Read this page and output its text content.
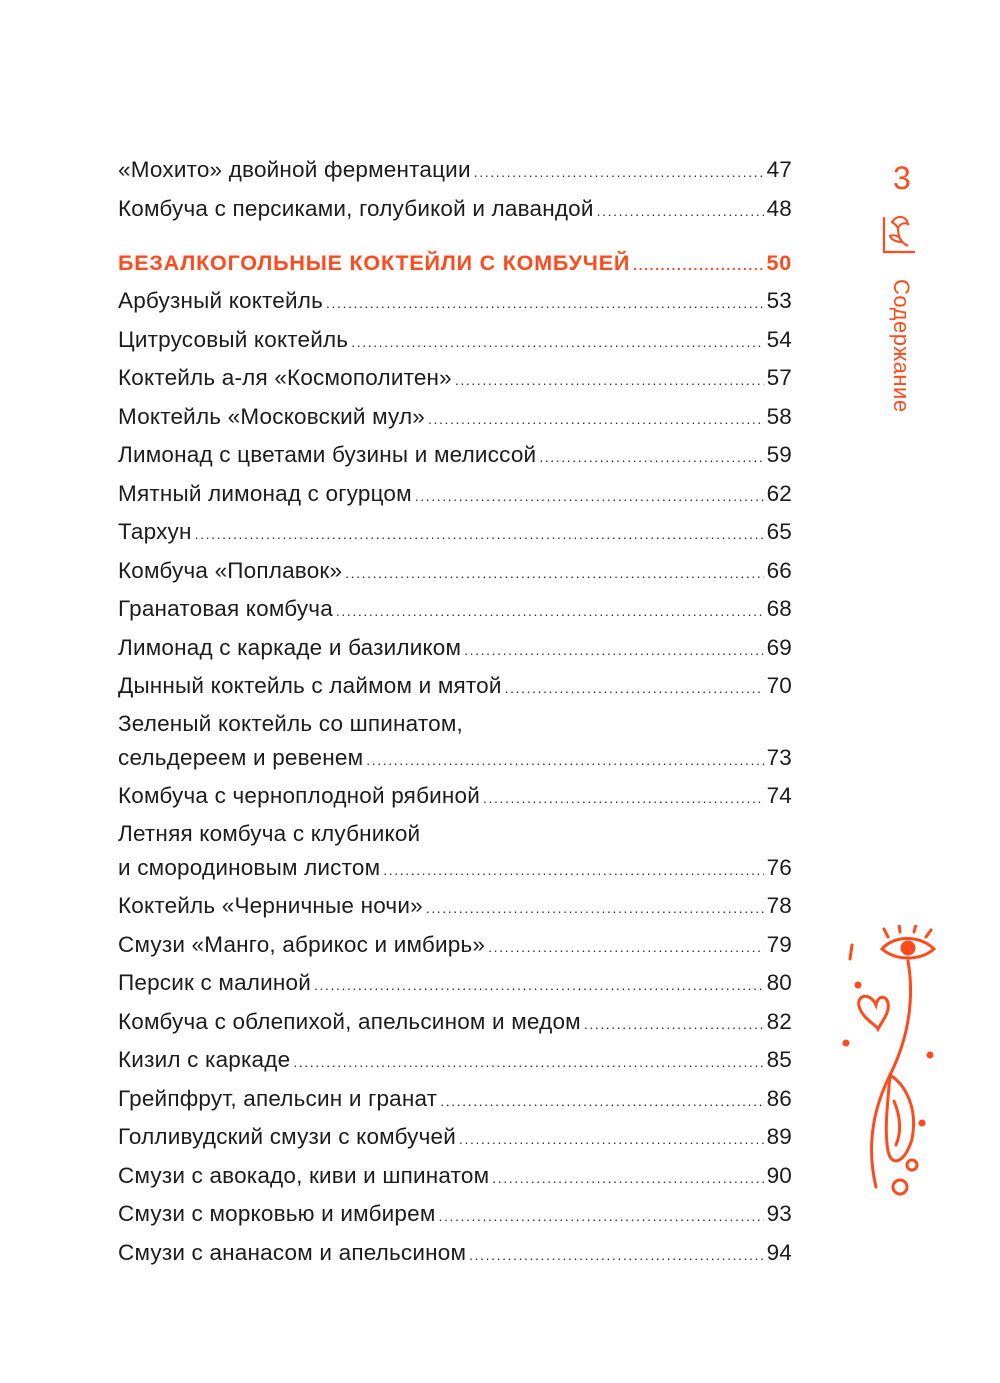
«Мохито» двойной ферментации .....	47
Комбуча с персиками, голубикой и лавандой .....	48
БЕЗАЛКОГОЛЬНЫЕ КОКТЕЙЛИ С КОМБУЧЕЙ .....	50
Арбузный коктейль .....	53
Цитрусовый коктейль .....	54
Коктейль а-ля «Космополитен» .....	57
Моктейль «Московский мул» .....	58
Лимонад с цветами бузины и мелиссой .....	59
Мятный лимонад с огурцом .....	62
Тархун .....	65
Комбуча «Поплавок» .....	66
Гранатовая комбуча .....	68
Лимонад с каркаде и базиликом .....	69
Дынный коктейль с лаймом и мятой .....	70
Зеленый коктейль со шпинатом,
сельдереем и ревенем .....	73
Комбуча с черноплодной рябиной .....	74
Летняя комбуча с клубникой
и смородиновым листом .....	76
Коктейль «Черничные ночи» .....	78
Смузи «Манго, абрикос и имбирь» .....	79
Персик с малиной .....	80
Комбуча с облепихой, апельсином и медом .....	82
Кизил с каркаде .....	85
Грейпфрут, апельсин и гранат .....	86
Голливудский смузи с комбучей .....	89
Смузи с авокадо, киви и шпинатом .....	90
Смузи с морковью и имбирем .....	93
Смузи с ананасом и апельсином .....	94
3
Содержание
